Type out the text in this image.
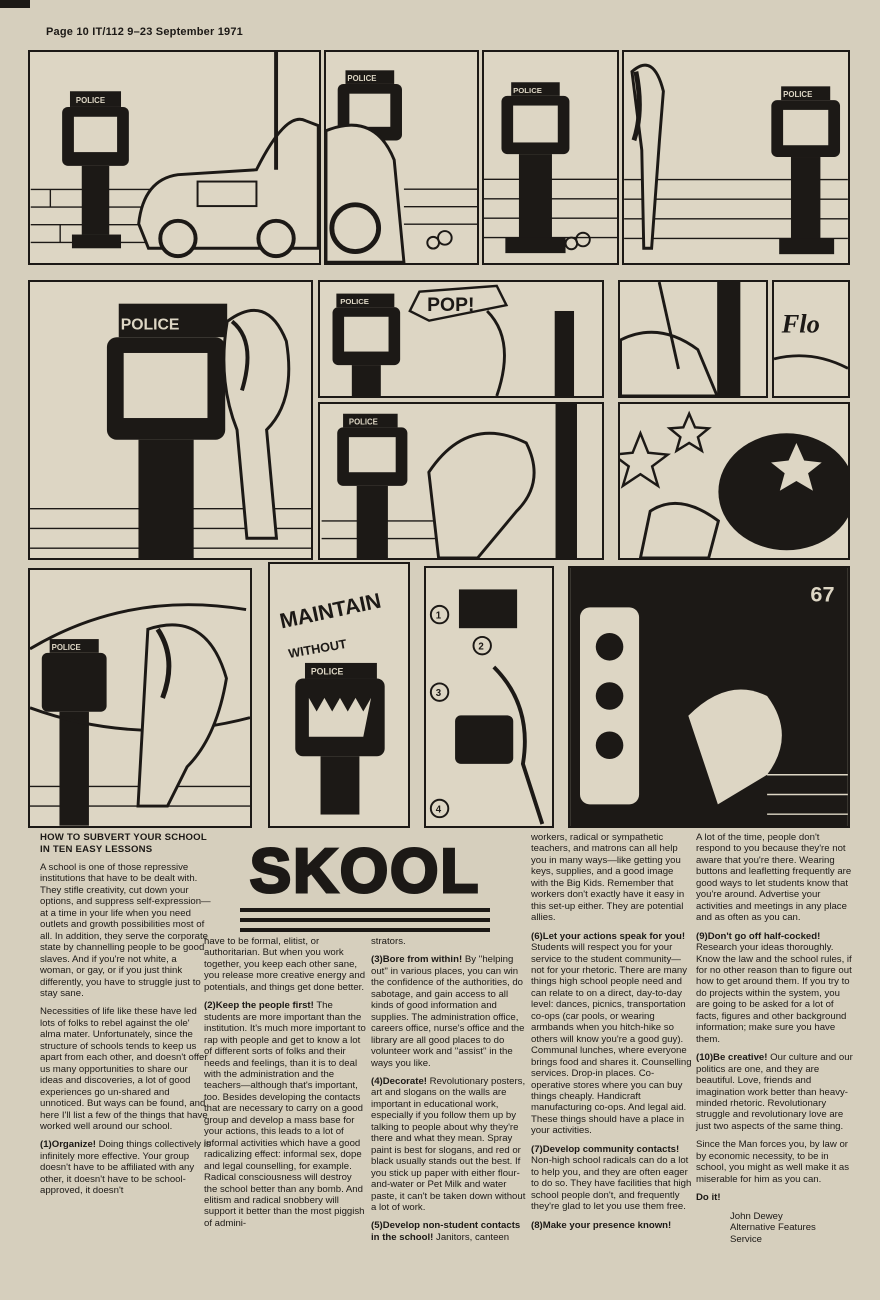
Page 10 IT/112 9–23 September 1971
POLICE
POLICE
POLICE	POLICE
POLICE
POLICE	POP!
POLICE
Flo
POLICE
MAINTAIN
WITHOUT
POLICE
1
2
3
4
67
SKOOL
HOW TO SUBVERT YOUR SCHOOL IN TEN EASY LESSONS

A school is one of those repressive institutions that have to be dealt with. They stifle creativity, cut down your options, and suppress self-expression—at a time in your life when you need outlets and growth possibilities most of all. In addition, they serve the corporate state by channelling people to be good slaves. And if you're not white, a woman, or gay, or if you just think differently, you have to struggle just to stay sane.

Necessities of life like these have led lots of folks to rebel against the ole' alma mater. Unfortunately, since the structure of schools tends to keep us apart from each other, and doesn't offer us many opportunities to share our ideas and discoveries, a lot of good experiences go un-shared and unnoticed. But ways can be found, and here I'll list a few of the things that have worked well around our school.

(1)Organize! Doing things collectively is infinitely more effective. Your group doesn't have to be affiliated with any other, it doesn't have to be school-approved, it doesn't

have to be formal, elitist, or authoritarian. But when you work together, you keep each other sane, you release more creative energy and potentials, and things get done better.

(2)Keep the people first! The students are more important than the institution. It's much more important to rap with people and get to know a lot of different sorts of folks and their needs and feelings, than it is to deal with the administration and the teachers—although that's important, too. Besides developing the contacts that are necessary to carry on a good group and develop a mass base for your actions, this leads to a lot of informal activities which have a good radicalizing effect: informal sex, dope and legal counselling, for example. Radical consciousness will destroy the school better than any bomb. And elitism and radical snobbery will support it better than the most piggish of admini-

strators.

(3)Bore from within! By ''helping out'' in various places, you can win the confidence of the authorities, do sabotage, and gain access to all kinds of good information and supplies. The administration office, careers office, nurse's office and the library are all good places to do volunteer work and ''assist'' in the ways you like.

(4)Decorate! Revolutionary posters, art and slogans on the walls are important in educational work, especially if you follow them up by talking to people about why they're there and what they mean. Spray paint is best for slogans, and red or black usually stands out the best. If you stick up paper with either flour-and-water or Pet Milk and water paste, it can't be taken down without a lot of work.

(5)Develop non-student contacts in the school! Janitors, canteen

workers, radical or sympathetic teachers, and matrons can all help you in many ways—like getting you keys, supplies, and a good image with the Big Kids. Remember that workers don't exactly have it easy in this set-up either. They are potential allies.

(6)Let your actions speak for you! Students will respect you for your service to the student community—not for your rhetoric. There are many things high school people need and can relate to on a direct, day-to-day level: dances, picnics, transportation co-ops (car pools, or wearing armbands when you hitch-hike so others will know you're a good guy). Communal lunches, where everyone brings food and shares it. Counselling services. Drop-in places. Co-operative stores where you can buy things cheaply. Handicraft manufacturing co-ops. And legal aid. These things should have a place in your activities.

(7)Develop community contacts! Non-high school radicals can do a lot to help you, and they are often eager to do so. They have facilities that high school people don't, and frequently they're glad to let you use them free.

(8)Make your presence known!

A lot of the time, people don't respond to you because they're not aware that you're there. Wearing buttons and leafletting frequently are good ways to let students know that you're around. Advertise your activities and meetings in any place and as often as you can.

(9)Don't go off half-cocked! Research your ideas thoroughly. Know the law and the school rules, if for no other reason than to figure out how to get around them. If you try to do projects within the system, you are going to be asked for a lot of facts, figures and other background information; make sure you have them.

(10)Be creative! Our culture and our politics are one, and they are beautiful. Love, friends and imagination work better than heavy-minded rhetoric. Revolutionary struggle and revolutionary love are just two aspects of the same thing.

Since the Man forces you, by law or by economic necessity, to be in school, you might as well make it as miserable for him as you can.

Do it!

John Dewey
Alternative Features
Service
